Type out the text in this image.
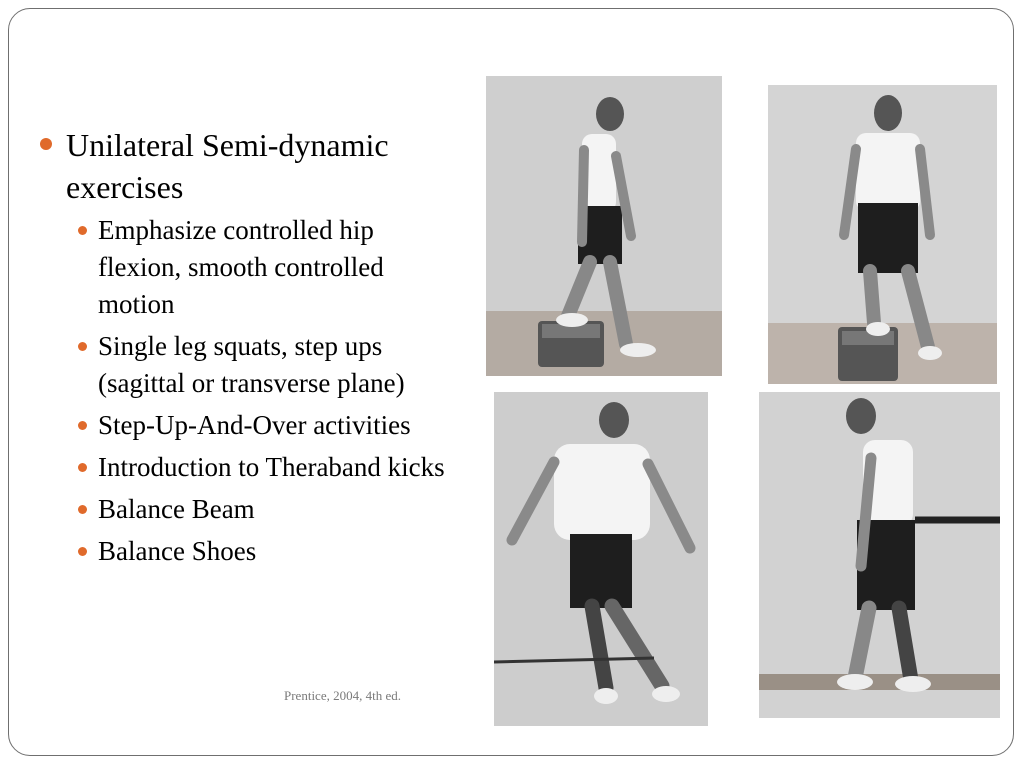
Unilateral Semi-dynamic exercises
Emphasize controlled hip flexion, smooth controlled motion
Single leg squats, step ups (sagittal or transverse plane)
Step-Up-And-Over activities
Introduction to Theraband kicks
Balance Beam
Balance Shoes
Prentice, 2004, 4th ed.
